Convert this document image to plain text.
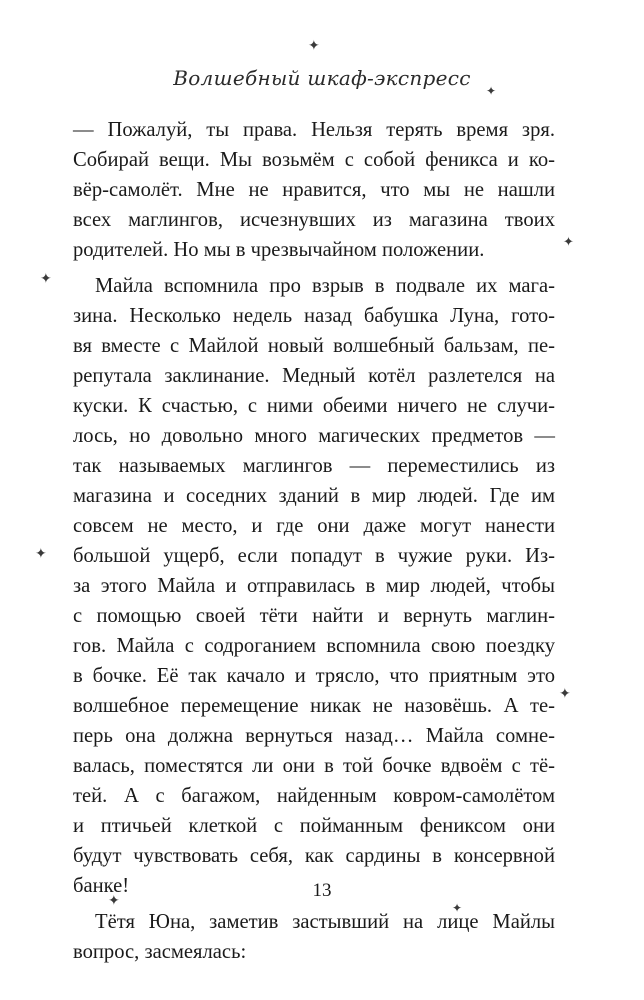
Волшебный шкаф-экспресс
✦
✦
✦
✦
✦
✦
✦	✦
— Пожалуй, ты права. Нельзя терять время зря.
Собирай вещи. Мы возьмём с собой феникса и ко-
вёр-самолёт. Мне не нравится, что мы не нашли
всех маглингов, исчезнувших из магазина твоих
родителей. Но мы в чрезвычайном положении.
Майла вспомнила про взрыв в подвале их мага-
зина. Несколько недель назад бабушка Луна, гото-
вя вместе с Майлой новый волшебный бальзам, пе-
репутала заклинание. Медный котёл разлетелся на
куски. К счастью, с ними обеими ничего не случи-
лось, но довольно много магических предметов —
так называемых маглингов — переместились из
магазина и соседних зданий в мир людей. Где им
совсем не место, и где они даже могут нанести
большой ущерб, если попадут в чужие руки. Из-
за этого Майла и отправилась в мир людей, чтобы
с помощью своей тёти найти и вернуть маглин-
гов. Майла с содроганием вспомнила свою поездку
в бочке. Её так качало и трясло, что приятным это
волшебное перемещение никак не назовёшь. А те-
перь она должна вернуться назад… Майла сомне-
валась, поместятся ли они в той бочке вдвоём с тё-
тей. А с багажом, найденным ковром-самолётом
и птичьей клеткой с пойманным фениксом они
будут чувствовать себя, как сардины в консервной
банке!
Тётя Юна, заметив застывший на лице Майлы
вопрос, засмеялась:
13
